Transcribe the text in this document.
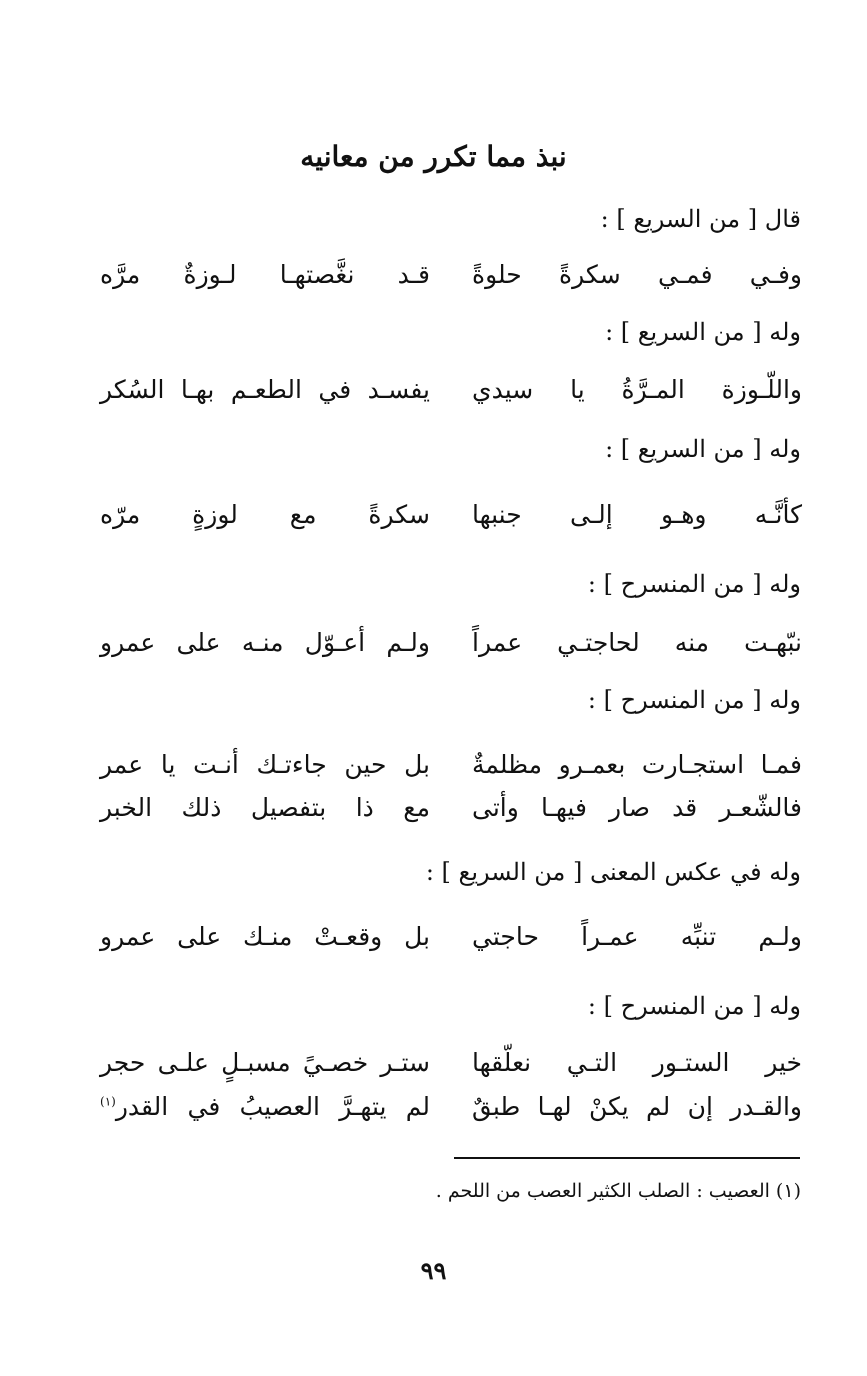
نبذ مما تكرر من معانيه
قال [ من السريع ] :
وفـي فمـي سكرةً حلوةً
قـد نغَّصتهـا لـوزةٌ مرَّه
وله [ من السريع ] :
واللّـوزة المـرَّةُ يا سيدي
يفسـد في الطعـم بهـا السُكر
وله [ من السريع ] :
كأنَّـه وهـو إلـى جنبها
سكرةً مع لوزةٍ مرّه
وله [ من المنسرح ] :
نبّهـت منه لحاجتـي عمراً
ولـم أعـوّل منـه على عمرو
وله [ من المنسرح ] :
فمـا استجـارت بعمـرو مظلمةٌ
بل حين جاءتـك أنـت يا عمر
فالشّعـر قد صار فيهـا وأتى
مع ذا بتفصيل ذلك الخبر
وله في عكس المعنى [ من السريع ] :
ولـم تنبِّه عمـراً حاجتي
بل وقعـتْ منـك على عمرو
وله [ من المنسرح ] :
خير الستـور التـي نعلّقها
ستـر خصـيً مسبـلٍ علـى حجر
والقـدر إن لم يكنْ لهـا طبقٌ
لم يتهـرَّ العصيبُ في القدر$^{(١)}$
(١) العصيب : الصلب الكثير العصب من اللحم .
٩٩
